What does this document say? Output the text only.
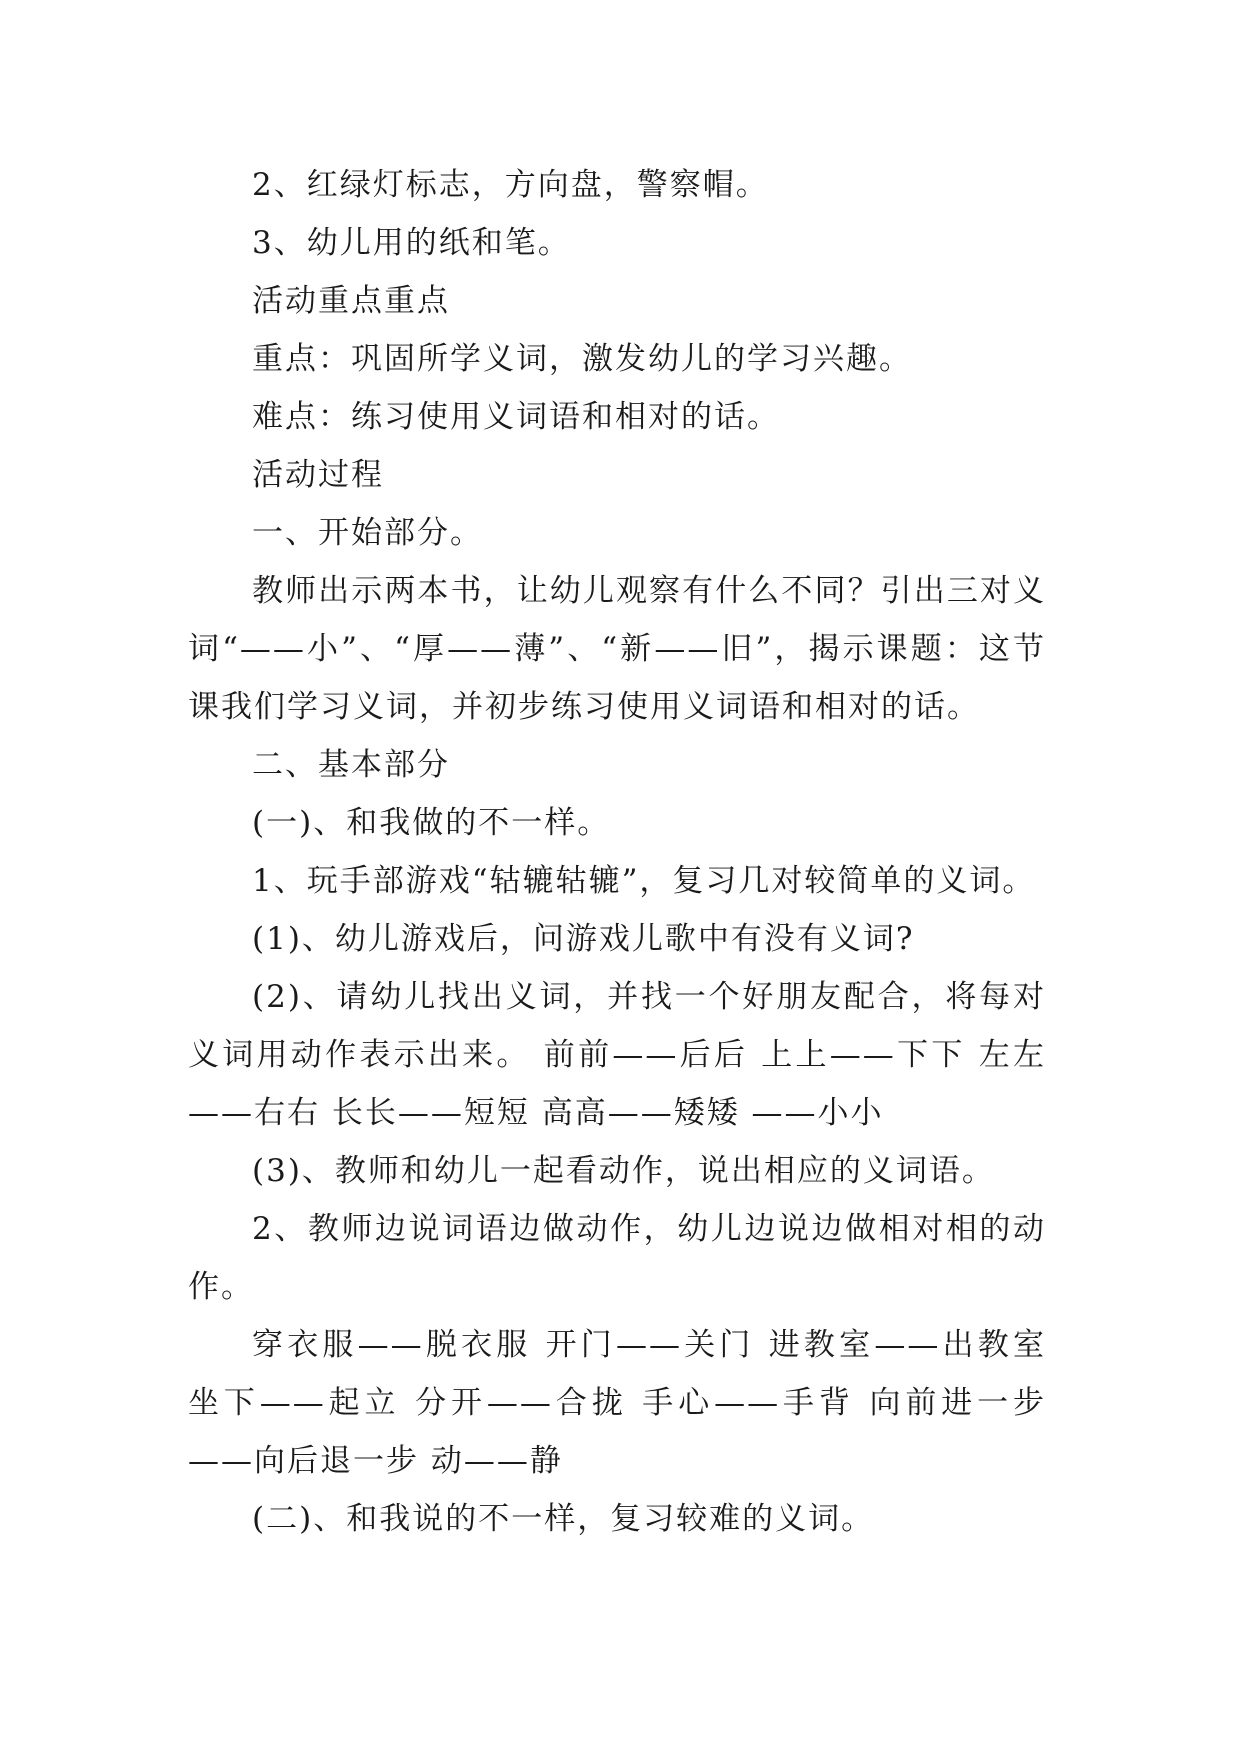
2、红绿灯标志，方向盘，警察帽。

3、幼儿用的纸和笔。

活动重点重点

重点：巩固所学义词，激发幼儿的学习兴趣。

难点：练习使用义词语和相对的话。

活动过程

一、开始部分。

教师出示两本书，让幼儿观察有什么不同？引出三对义词“——小”、“厚——薄”、“新——旧”，揭示课题：这节课我们学习义词，并初步练习使用义词语和相对的话。

二、基本部分

(一)、和我做的不一样。

1、玩手部游戏“轱辘轱辘”，复习几对较简单的义词。

(1)、幼儿游戏后，问游戏儿歌中有没有义词?

(2)、请幼儿找出义词，并找一个好朋友配合，将每对义词用动作表示出来。 前前——后后 上上——下下 左左——右右 长长——短短 高高——矮矮 ——小小

(3)、教师和幼儿一起看动作，说出相应的义词语。

2、教师边说词语边做动作，幼儿边说边做相对相的动作。

穿衣服——脱衣服 开门——关门 进教室——出教室 坐下——起立 分开——合拢 手心——手背 向前进一步——向后退一步 动——静

(二)、和我说的不一样，复习较难的义词。
